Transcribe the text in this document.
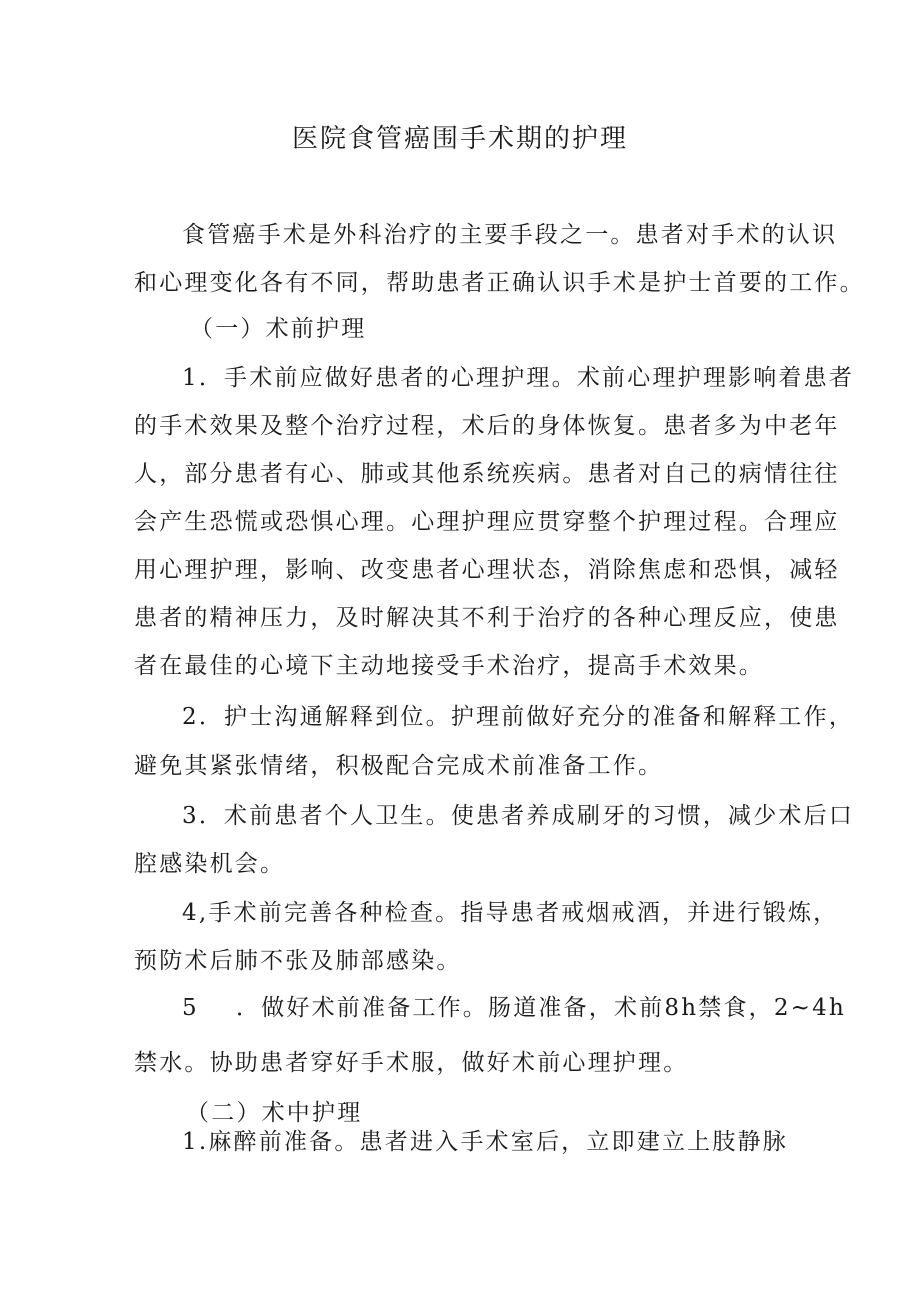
医院食管癌围手术期的护理
食管癌手术是外科治疗的主要手段之一。患者对手术的认识
和心理变化各有不同，帮助患者正确认识手术是护士首要的工作。
（一）术前护理
1．手术前应做好患者的心理护理。术前心理护理影响着患者
的手术效果及整个治疗过程，术后的身体恢复。患者多为中老年
人，部分患者有心、肺或其他系统疾病。患者对自己的病情往往
会产生恐慌或恐惧心理。心理护理应贯穿整个护理过程。合理应
用心理护理，影响、改变患者心理状态，消除焦虑和恐惧，减轻
患者的精神压力，及时解决其不利于治疗的各种心理反应，使患
者在最佳的心境下主动地接受手术治疗，提高手术效果。
2．护士沟通解释到位。护理前做好充分的准备和解释工作，
避免其紧张情绪，积极配合完成术前准备工作。
3．术前患者个人卫生。使患者养成刷牙的习惯，减少术后口
腔感染机会。
4,手术前完善各种检查。指导患者戒烟戒酒，并进行锻炼，
预防术后肺不张及肺部感染。
5 ．做好术前准备工作。肠道准备，术前8h禁食，2~4h
禁水。协助患者穿好手术服，做好术前心理护理。
（二）术中护理
1.麻醉前准备。患者进入手术室后，立即建立上肢静脉
